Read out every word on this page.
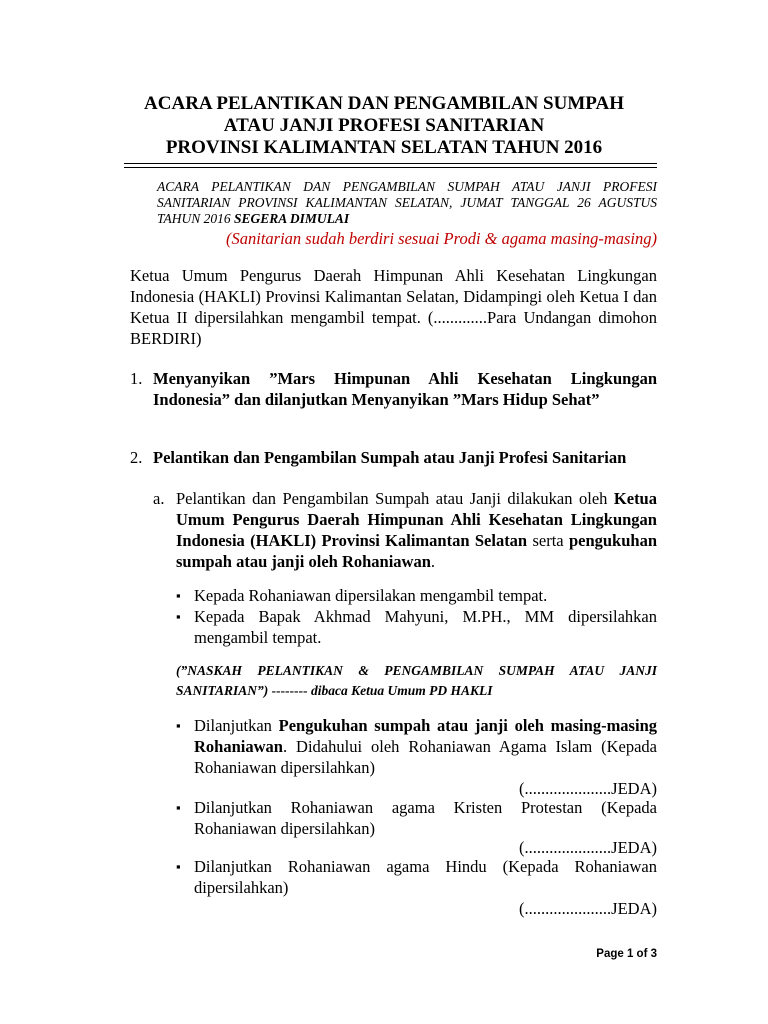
ACARA PELANTIKAN DAN PENGAMBILAN SUMPAH
ATAU JANJI PROFESI SANITARIAN
PROVINSI KALIMANTAN SELATAN TAHUN 2016
ACARA PELANTIKAN DAN PENGAMBILAN SUMPAH ATAU JANJI PROFESI SANITARIAN PROVINSI KALIMANTAN SELATAN, JUMAT TANGGAL 26 AGUSTUS TAHUN 2016 SEGERA DIMULAI
(Sanitarian sudah berdiri sesuai Prodi & agama masing-masing)
Ketua Umum Pengurus Daerah Himpunan Ahli Kesehatan Lingkungan Indonesia (HAKLI) Provinsi Kalimantan Selatan, Didampingi oleh Ketua I dan Ketua II dipersilahkan mengambil tempat. (.............Para Undangan dimohon BERDIRI)
1. Menyanyikan ”Mars Himpunan Ahli Kesehatan Lingkungan Indonesia” dan dilanjutkan Menyanyikan ”Mars Hidup Sehat”
2. Pelantikan dan Pengambilan Sumpah atau Janji Profesi Sanitarian
a. Pelantikan dan Pengambilan Sumpah atau Janji dilakukan oleh Ketua Umum Pengurus Daerah Himpunan Ahli Kesehatan Lingkungan Indonesia (HAKLI) Provinsi Kalimantan Selatan serta pengukuhan sumpah atau janji oleh Rohaniawan.
▪ Kepada Rohaniawan dipersilakan mengambil tempat.
▪ Kepada Bapak Akhmad Mahyuni, M.PH., MM dipersilahkan mengambil tempat.
(”NASKAH PELANTIKAN & PENGAMBILAN SUMPAH ATAU JANJI SANITARIAN”) -------- dibaca Ketua Umum PD HAKLI
▪ Dilanjutkan Pengukuhan sumpah atau janji oleh masing-masing Rohaniawan. Didahului oleh Rohaniawan Agama Islam (Kepada Rohaniawan dipersilahkan)
(.....................JEDA)
▪ Dilanjutkan Rohaniawan agama Kristen Protestan (Kepada Rohaniawan dipersilahkan)
(.....................JEDA)
▪ Dilanjutkan Rohaniawan agama Hindu (Kepada Rohaniawan dipersilahkan)
(.....................JEDA)
Page 1 of 3
